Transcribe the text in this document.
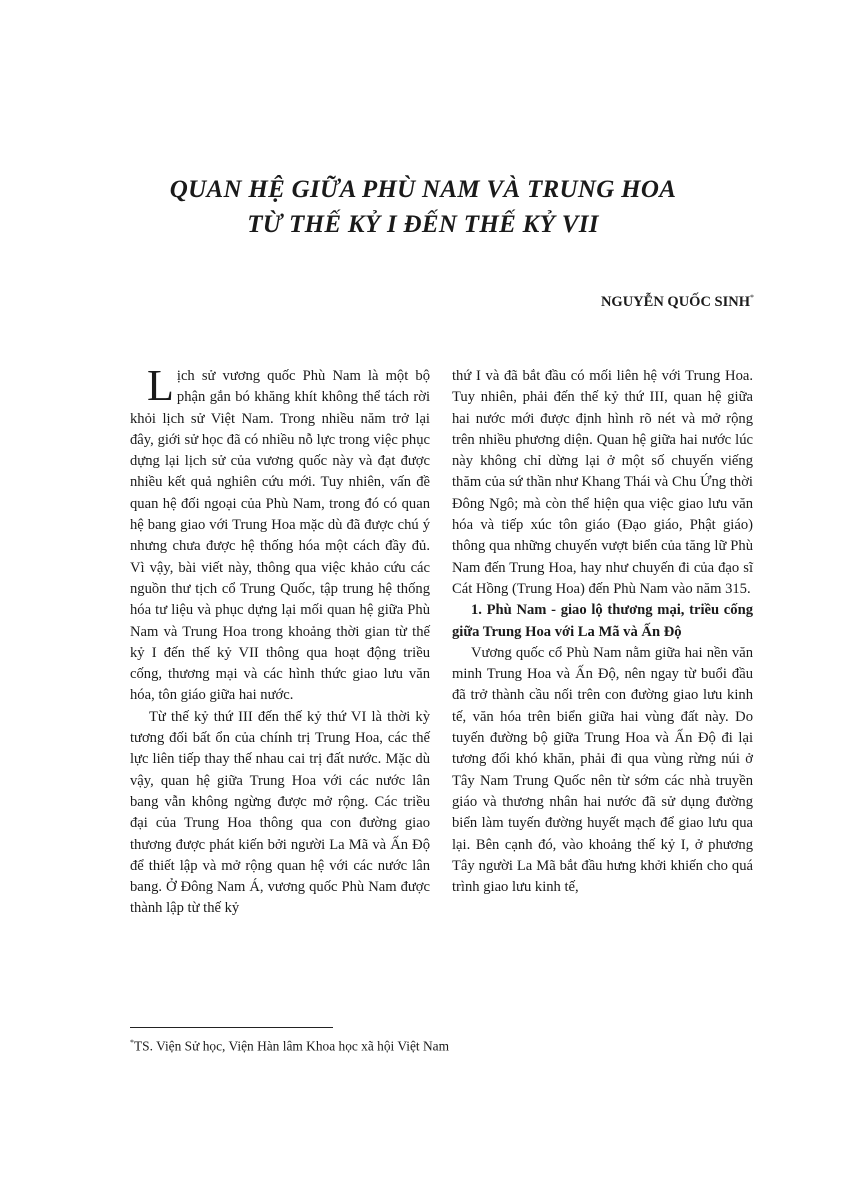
QUAN HỆ GIỮA PHÙ NAM VÀ TRUNG HOA
TỪ THẾ KỶ I ĐẾN THẾ KỶ VII
NGUYỄN QUỐC SINH*

Lịch sử vương quốc Phù Nam là một bộ phận gắn bó khăng khít không thể tách rời khỏi lịch sử Việt Nam. Trong nhiều năm trở lại đây, giới sử học đã có nhiều nỗ lực trong việc phục dựng lại lịch sử của vương quốc này và đạt được nhiều kết quả nghiên cứu mới. Tuy nhiên, vấn đề quan hệ đối ngoại của Phù Nam, trong đó có quan hệ bang giao với Trung Hoa mặc dù đã được chú ý nhưng chưa được hệ thống hóa một cách đầy đủ. Vì vậy, bài viết này, thông qua việc khảo cứu các nguồn thư tịch cổ Trung Quốc, tập trung hệ thống hóa tư liệu và phục dựng lại mối quan hệ giữa Phù Nam và Trung Hoa trong khoảng thời gian từ thế kỷ I đến thế kỷ VII thông qua hoạt động triều cống, thương mại và các hình thức giao lưu văn hóa, tôn giáo giữa hai nước.

Từ thế kỷ thứ III đến thế kỷ thứ VI là thời kỳ tương đối bất ổn của chính trị Trung Hoa, các thế lực liên tiếp thay thế nhau cai trị đất nước. Mặc dù vậy, quan hệ giữa Trung Hoa với các nước lân bang vẫn không ngừng được mở rộng. Các triều đại của Trung Hoa thông qua con đường giao thương được phát kiến bởi người La Mã và Ấn Độ để thiết lập và mở rộng quan hệ với các nước lân bang. Ở Đông Nam Á, vương quốc Phù Nam được thành lập từ thế kỷ

thứ I và đã bắt đầu có mối liên hệ với Trung Hoa. Tuy nhiên, phải đến thế kỷ thứ III, quan hệ giữa hai nước mới được định hình rõ nét và mở rộng trên nhiều phương diện. Quan hệ giữa hai nước lúc này không chỉ dừng lại ở một số chuyến viếng thăm của sứ thần như Khang Thái và Chu Ứng thời Đông Ngô; mà còn thể hiện qua việc giao lưu văn hóa và tiếp xúc tôn giáo (Đạo giáo, Phật giáo) thông qua những chuyến vượt biển của tăng lữ Phù Nam đến Trung Hoa, hay như chuyến đi của đạo sĩ Cát Hồng (Trung Hoa) đến Phù Nam vào năm 315.

1. Phù Nam - giao lộ thương mại, triều cống giữa Trung Hoa với La Mã và Ấn Độ

Vương quốc cổ Phù Nam nằm giữa hai nền văn minh Trung Hoa và Ấn Độ, nên ngay từ buổi đầu đã trở thành cầu nối trên con đường giao lưu kinh tế, văn hóa trên biển giữa hai vùng đất này. Do tuyến đường bộ giữa Trung Hoa và Ấn Độ đi lại tương đối khó khăn, phải đi qua vùng rừng núi ở Tây Nam Trung Quốc nên từ sớm các nhà truyền giáo và thương nhân hai nước đã sử dụng đường biển làm tuyến đường huyết mạch để giao lưu qua lại. Bên cạnh đó, vào khoảng thế kỷ I, ở phương Tây người La Mã bắt đầu hưng khởi khiến cho quá trình giao lưu kinh tế,

*TS. Viện Sử học, Viện Hàn lâm Khoa học xã hội Việt Nam
